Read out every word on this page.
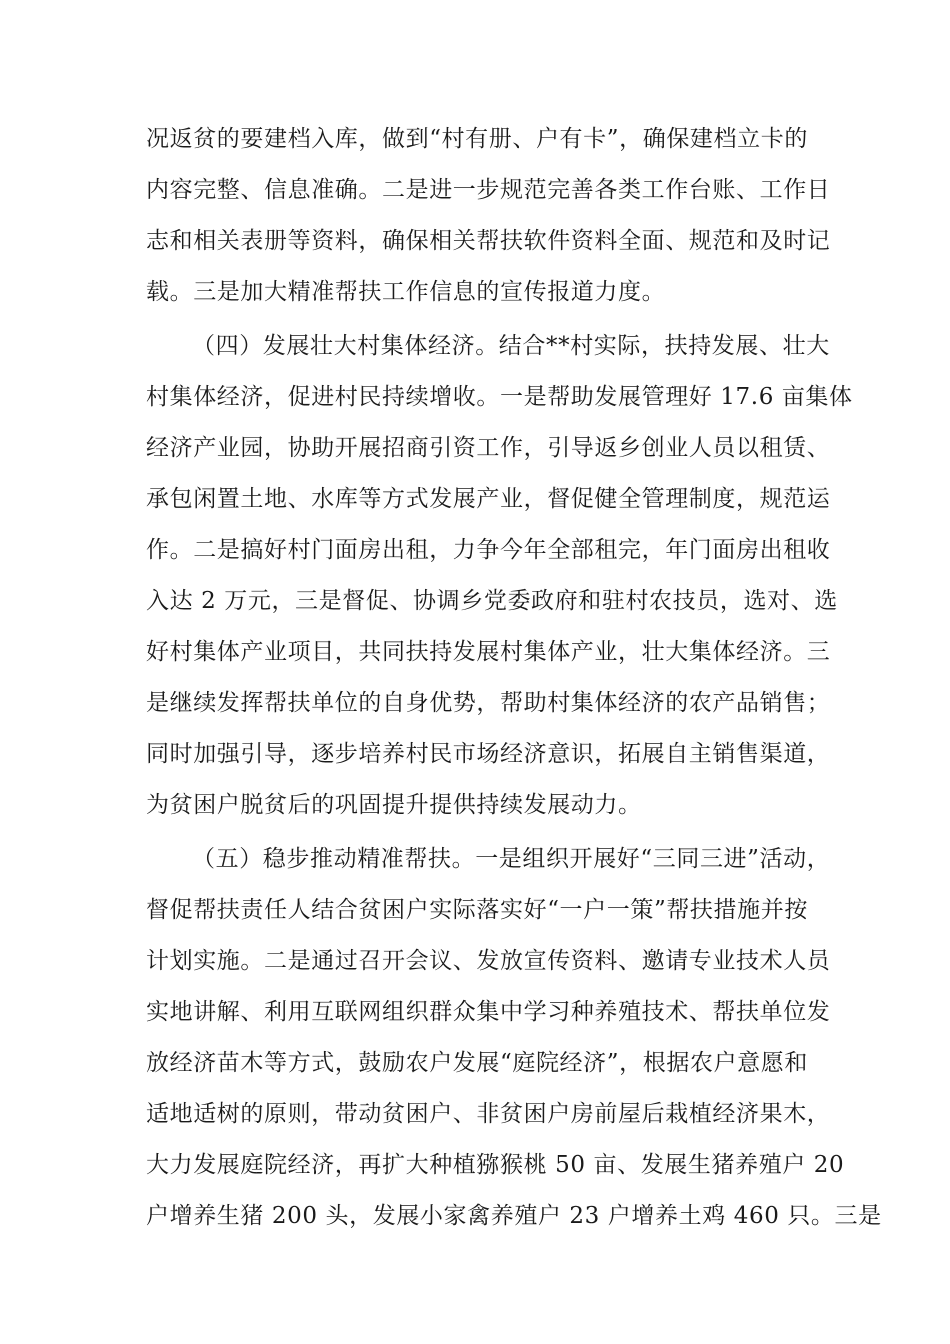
况返贫的要建档入库，做到“村有册、户有卡”，确保建档立卡的
内容完整、信息准确。二是进一步规范完善各类工作台账、工作日
志和相关表册等资料，确保相关帮扶软件资料全面、规范和及时记
载。三是加大精准帮扶工作信息的宣传报道力度。
（四）发展壮大村集体经济。结合**村实际，扶持发展、壮大
村集体经济，促进村民持续增收。一是帮助发展管理好 17.6 亩集体
经济产业园，协助开展招商引资工作，引导返乡创业人员以租赁、
承包闲置土地、水库等方式发展产业，督促健全管理制度，规范运
作。二是搞好村门面房出租，力争今年全部租完，年门面房出租收
入达 2 万元，三是督促、协调乡党委政府和驻村农技员，选对、选
好村集体产业项目，共同扶持发展村集体产业，壮大集体经济。三
是继续发挥帮扶单位的自身优势，帮助村集体经济的农产品销售；
同时加强引导，逐步培养村民市场经济意识，拓展自主销售渠道，
为贫困户脱贫后的巩固提升提供持续发展动力。
（五）稳步推动精准帮扶。一是组织开展好“三同三进”活动，
督促帮扶责任人结合贫困户实际落实好“一户一策”帮扶措施并按
计划实施。二是通过召开会议、发放宣传资料、邀请专业技术人员
实地讲解、利用互联网组织群众集中学习种养殖技术、帮扶单位发
放经济苗木等方式，鼓励农户发展“庭院经济”，根据农户意愿和
适地适树的原则，带动贫困户、非贫困户房前屋后栽植经济果木，
大力发展庭院经济，再扩大种植猕猴桃 50 亩、发展生猪养殖户 20
户增养生猪 200 头，发展小家禽养殖户 23 户增养土鸡 460 只。三是
